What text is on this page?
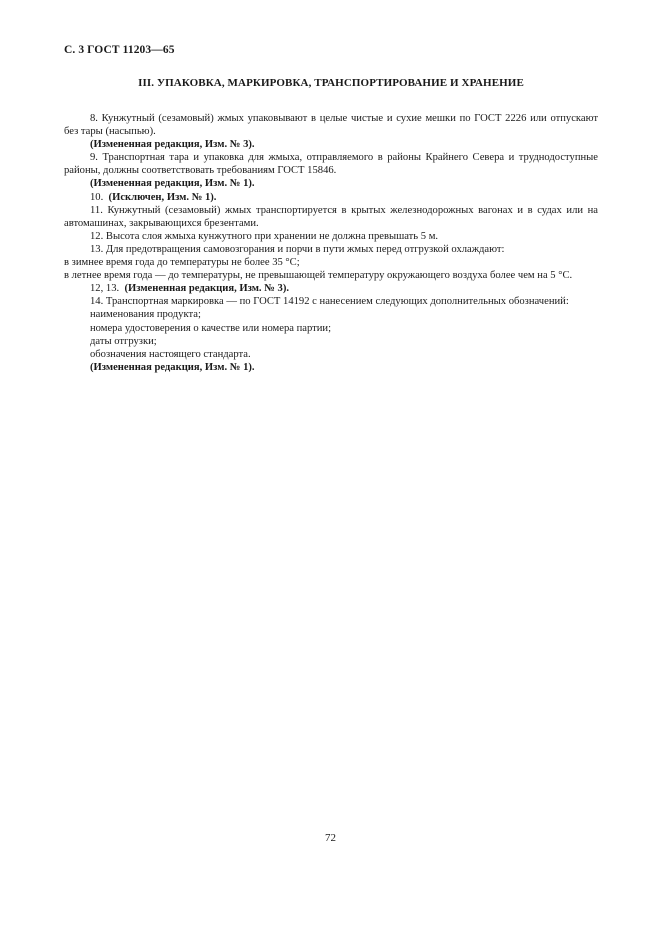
С. 3 ГОСТ 11203—65
III. УПАКОВКА, МАРКИРОВКА, ТРАНСПОРТИРОВАНИЕ И ХРАНЕНИЕ

8. Кунжутный (сезамовый) жмых упаковывают в целые чистые и сухие мешки по ГОСТ 2226 или отпускают без тары (насыпью).

(Измененная редакция, Изм. № 3).

9. Транспортная тара и упаковка для жмыха, отправляемого в районы Крайнего Севера и труднодоступные районы, должны соответствовать требованиям ГОСТ 15846.

(Измененная редакция, Изм. № 1).

10. (Исключен, Изм. № 1).

11. Кунжутный (сезамовый) жмых транспортируется в крытых железнодорожных вагонах и в судах или на автомашинах, закрывающихся брезентами.

12. Высота слоя жмыха кунжутного при хранении не должна превышать 5 м.

13. Для предотвращения самовозгорания и порчи в пути жмых перед отгрузкой охлаждают:

в зимнее время года до температуры не более 35 °С;

в летнее время года — до температуры, не превышающей температуру окружающего воздуха более чем на 5 °С.

12, 13. (Измененная редакция, Изм. № 3).

14. Транспортная маркировка — по ГОСТ 14192 с нанесением следующих дополнительных обозначений:

наименования продукта;

номера удостоверения о качестве или номера партии;

даты отгрузки;

обозначения настоящего стандарта.

(Измененная редакция, Изм. № 1).

72
